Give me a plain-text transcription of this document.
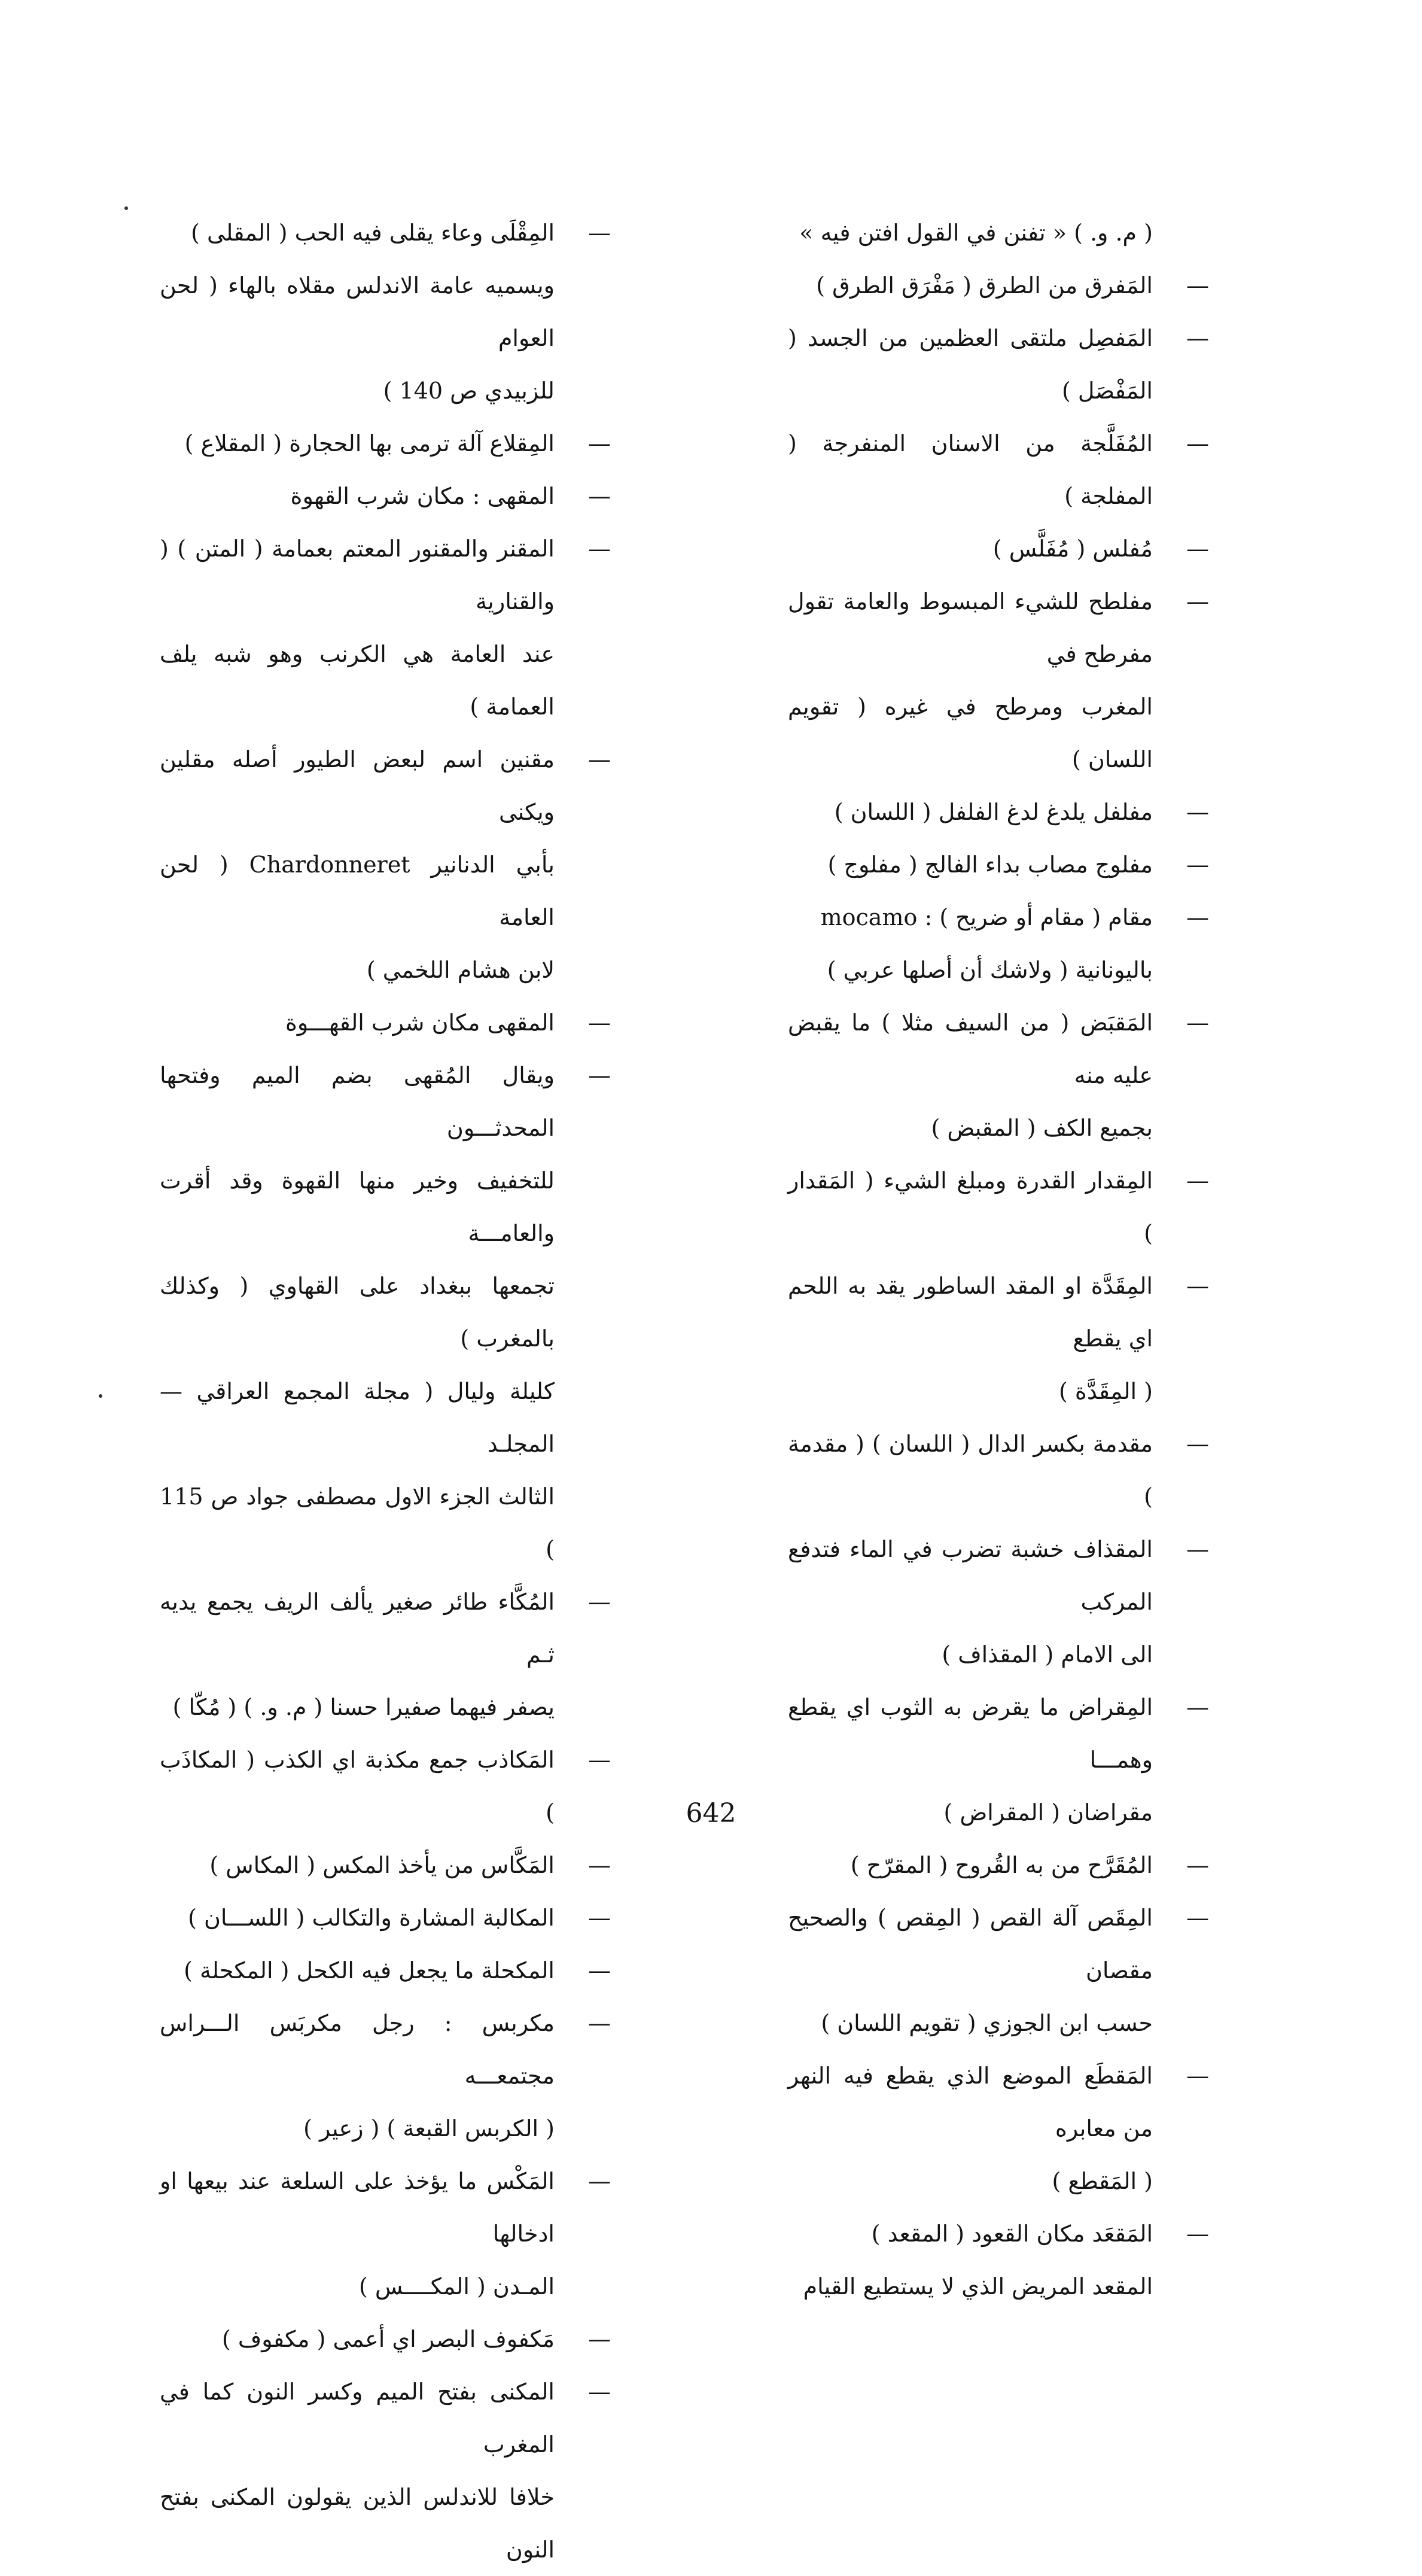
( م. و. ) « تفنن في القول افتن فيه »
—
المَفرق من الطرق ( مَفْرَق الطرق )
—
المَفصِل ملتقى العظمين من الجسد ( المَفْصَل )
—
المُفَلَّجة من الاسنان المنفرجة ( المفلجة )
—
مُفلس ( مُفَلَّس )
—
مفلطح للشيء المبسوط والعامة تقول مفرطح في
المغرب ومرطح في غيره ( تقويم اللسان )
—
مفلفل يلدغ لدغ الفلفل ( اللسان )
—
مفلوج مصاب بداء الفالج ( مفلوج )
—
مقام ( مقام أو ضريح ) : mocamo
باليونانية ( ولاشك أن أصلها عربي )
—
المَقبَض ( من السيف مثلا ) ما يقبض عليه منه
بجميع الكف ( المقبض )
—
المِقدار القدرة ومبلغ الشيء ( المَقدار )
—
المِقَدَّة او المقد الساطور يقد به اللحم اي يقطع
( المِقَدَّة )
—
مقدمة بكسر الدال ( اللسان ) ( مقدمة )
—
المقذاف خشبة تضرب في الماء فتدفع المركب
الى الامام ( المقذاف )
—
المِقراض ما يقرض به الثوب اي يقطع وهمـــا
مقراضان ( المقراض )
—
المُقَرَّح من به القُروح ( المقرّح )
—
المِقَص آلة القص ( المِقص ) والصحيح مقصان
حسب ابن الجوزي ( تقويم اللسان )
—
المَقطَع الموضع الذي يقطع فيه النهر من معابره
( المَقطع )
—
المَقعَد مكان القعود ( المقعد )
المقعد المريض الذي لا يستطيع القيام
—
المِقْلَى وعاء يقلى فيه الحب ( المقلى )
ويسميه عامة الاندلس مقلاه بالهاء ( لحن العوام
للزبيدي ص 140 )
—
المِقلاع آلة ترمى بها الحجارة ( المقلاع )
—
المقهى : مكان شرب القهوة
—
المقنر والمقنور المعتم بعمامة ( المتن ) ( والقنارية
عند العامة هي الكرنب وهو شبه يلف العمامة )
—
مقنين اسم لبعض الطيور أصله مقلين ويكنى
بأبي الدنانير Chardonneret ( لحن العامة
لابن هشام اللخمي )
—
المقهى مكان شرب القهـــوة
—
ويقال المُقهى بضم الميم وفتحها المحدثـــون
للتخفيف وخير منها القهوة وقد أقرت والعامـــة
تجمعها ببغداد على القهاوي ( وكذلك بالمغرب )
كليلة وليال ( مجلة المجمع العراقي — المجلـد
الثالث الجزء الاول مصطفى جواد ص 115 )
—
المُكَّاء طائر صغير يألف الريف يجمع يديه ثـم
يصفر فيهما صفيرا حسنا ( م. و. ) ( مُكّا )
—
المَكاذب جمع مكذبة اي الكذب ( المكاذَب )
—
المَكَّاس من يأخذ المكس ( المكاس )
—
المكالبة المشارة والتكالب ( اللســـان )
—
المكحلة ما يجعل فيه الكحل ( المكحلة )
—
مكربس : رجل مكربَس الـــراس مجتمعـــه
( الكربس القبعة ) ( زعير )
—
المَكْس ما يؤخذ على السلعة عند بيعها او ادخالها
المـدن ( المكــــس )
—
مَكفوف البصر اي أعمى ( مكفوف )
—
المكنى بفتح الميم وكسر النون كما في المغرب
خلافا للاندلس الذين يقولون المكنى بفتح النون
642
